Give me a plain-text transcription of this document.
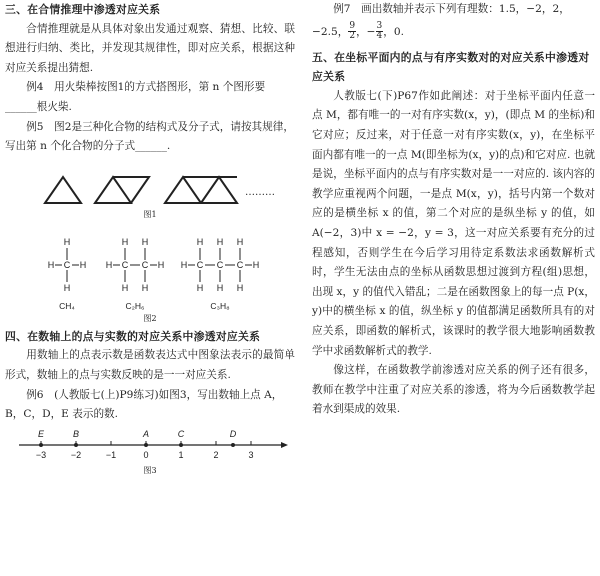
三、在合情推理中渗透对应关系
合情推理就是从具体对象出发通过观察、猜想、比较、联想进行归纳、类比，并发现其规律性，即对应关系，根据这种对应关系提出猜想.
例4　用火柴棒按图1的方式搭图形，第 n 个图形要______根火柴.
例5　图2是三种化合物的结构式及分子式，请按其规律，写出第 n 个化合物的分子式______.
………
图1
H
C
H
H	H
H H
H C C H
H H
H H H
H C C C H
H H H
CH₄	C₂H₆	C₃H₈
图2
四、在数轴上的点与实数的对应关系中渗透对应关系
用数轴上的点表示数是函数表达式中图象法表示的最简单形式，数轴上的点与实数反映的是一一对应关系.
例6　(人教版七(上)P9练习)如图3，写出数轴上点 A，B，C，D，E 表示的数.
E	B	A	C	D
−3	−2	−1	0	1	2	3
图3
例7　画出数轴并表示下列有理数：1.5，−2，2，
−2.5， $\frac{9}{2}$ ，− $\frac{3}{4}$ ，0.
五、在坐标平面内的点与有序实数对的对应关系中渗透对应关系
人教版七(下)P67作如此阐述：对于坐标平面内任意一点 M，都有唯一的一对有序实数(x，y)，(即点 M 的坐标)和它对应；反过来，对于任意一对有序实数(x，y)，在坐标平面内都有唯一的一点 M(即坐标为(x，y)的点)和它对应. 也就是说，坐标平面内的点与有序实数对是一一对应的. 该内容的教学应重视两个问题，一是点 M(x，y)，括号内第一个数对应的是横坐标 x 的值，第二个对应的是纵坐标 y 的值，如 A(−2，3)中 x = −2，y = 3，这一对应关系要有充分的过程感知，否则学生在今后学习用待定系数法求函数解析式时，学生无法由点的坐标从函数思想过渡到方程(组)思想，出现 x，y 的值代入错乱；二是在函数图象上的每一点 P(x，y)中的横坐标 x 的值，纵坐标 y 的值都满足函数所具有的对应关系，即函数的解析式，该课时的教学很大地影响函数教学中求函数解析式的教学.
像这样，在函数教学前渗透对应关系的例子还有很多，教师在教学中注重了对应关系的渗透，将为今后函数教学起着水到渠成的效果.
